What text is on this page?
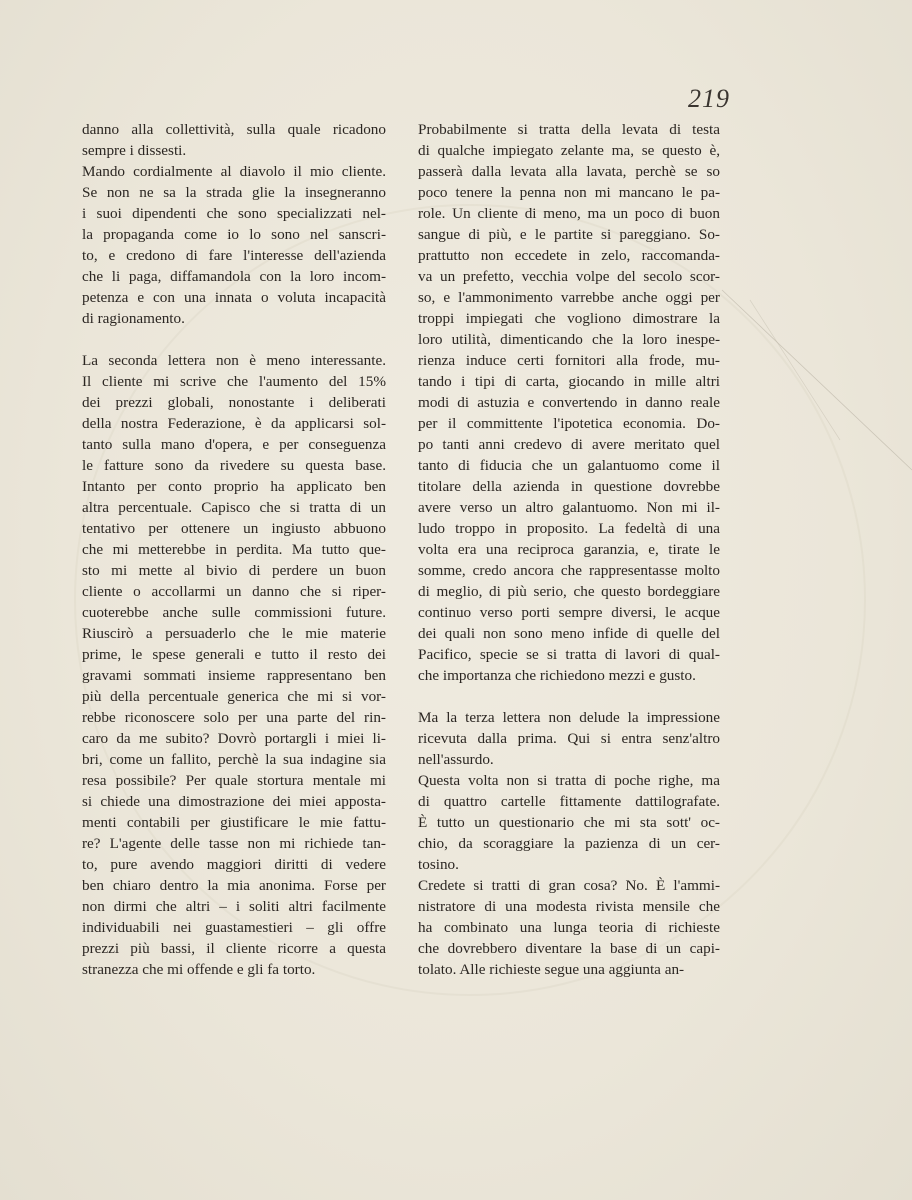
219
danno alla collettività, sulla quale ricadono
sempre i dissesti.
Mando cordialmente al diavolo il mio cliente.
Se non ne sa la strada glie la insegneranno
i suoi dipendenti che sono specializzati nel-
la propaganda come io lo sono nel sanscri-
to, e credono di fare l'interesse dell'azienda
che li paga, diffamandola con la loro incom-
petenza e con una innata o voluta incapacità
di ragionamento.
La seconda lettera non è meno interessante.
Il cliente mi scrive che l'aumento del 15%
dei prezzi globali, nonostante i deliberati
della nostra Federazione, è da applicarsi sol-
tanto sulla mano d'opera, e per conseguenza
le fatture sono da rivedere su questa base.
Intanto per conto proprio ha applicato ben
altra percentuale. Capisco che si tratta di un
tentativo per ottenere un ingiusto abbuono
che mi metterebbe in perdita. Ma tutto que-
sto mi mette al bivio di perdere un buon
cliente o accollarmi un danno che si riper-
cuoterebbe anche sulle commissioni future.
Riuscirò a persuaderlo che le mie materie
prime, le spese generali e tutto il resto dei
gravami sommati insieme rappresentano ben
più della percentuale generica che mi si vor-
rebbe riconoscere solo per una parte del rin-
caro da me subito? Dovrò portargli i miei li-
bri, come un fallito, perchè la sua indagine sia
resa possibile? Per quale stortura mentale mi
si chiede una dimostrazione dei miei apposta-
menti contabili per giustificare le mie fattu-
re? L'agente delle tasse non mi richiede tan-
to, pure avendo maggiori diritti di vedere
ben chiaro dentro la mia anonima. Forse per
non dirmi che altri – i soliti altri facilmente
individuabili nei guastamestieri – gli offre
prezzi più bassi, il cliente ricorre a questa
stranezza che mi offende e gli fa torto.
Probabilmente si tratta della levata di testa
di qualche impiegato zelante ma, se questo è,
passerà dalla levata alla lavata, perchè se so
poco tenere la penna non mi mancano le pa-
role. Un cliente di meno, ma un poco di buon
sangue di più, e le partite si pareggiano. So-
prattutto non eccedete in zelo, raccomanda-
va un prefetto, vecchia volpe del secolo scor-
so, e l'ammonimento varrebbe anche oggi per
troppi impiegati che vogliono dimostrare la
loro utilità, dimenticando che la loro inespe-
rienza induce certi fornitori alla frode, mu-
tando i tipi di carta, giocando in mille altri
modi di astuzia e convertendo in danno reale
per il committente l'ipotetica economia. Do-
po tanti anni credevo di avere meritato quel
tanto di fiducia che un galantuomo come il
titolare della azienda in questione dovrebbe
avere verso un altro galantuomo. Non mi il-
ludo troppo in proposito. La fedeltà di una
volta era una reciproca garanzia, e, tirate le
somme, credo ancora che rappresentasse molto
di meglio, di più serio, che questo bordeggiare
continuo verso porti sempre diversi, le acque
dei quali non sono meno infide di quelle del
Pacifico, specie se si tratta di lavori di qual-
che importanza che richiedono mezzi e gusto.
Ma la terza lettera non delude la impressione
ricevuta dalla prima. Qui si entra senz'altro
nell'assurdo.
Questa volta non si tratta di poche righe, ma
di quattro cartelle fittamente dattilografate.
È tutto un questionario che mi sta sott' oc-
chio, da scoraggiare la pazienza di un cer-
tosino.
Credete si tratti di gran cosa? No. È l'ammi-
nistratore di una modesta rivista mensile che
ha combinato una lunga teoria di richieste
che dovrebbero diventare la base di un capi-
tolato. Alle richieste segue una aggiunta an-
